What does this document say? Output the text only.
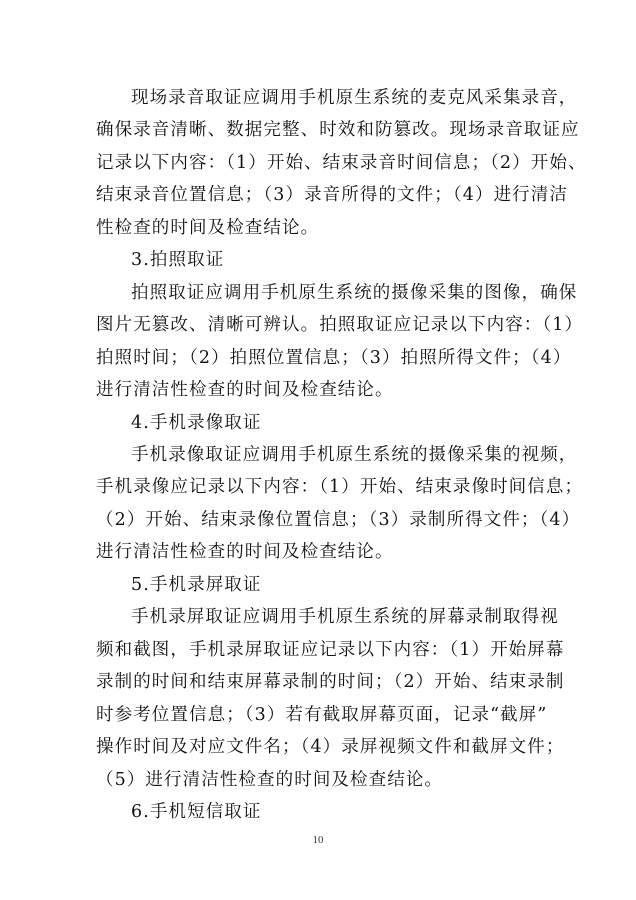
现场录音取证应调用手机原生系统的麦克风采集录音，
确保录音清晰、数据完整、时效和防篡改。现场录音取证应
记录以下内容：（1）开始、结束录音时间信息；（2）开始、
结束录音位置信息；（3）录音所得的文件；（4）进行清洁
性检查的时间及检查结论。
3.拍照取证
拍照取证应调用手机原生系统的摄像采集的图像，确保
图片无篡改、清晰可辨认。拍照取证应记录以下内容：（1）
拍照时间；（2）拍照位置信息；（3）拍照所得文件；（4）
进行清洁性检查的时间及检查结论。
4.手机录像取证
手机录像取证应调用手机原生系统的摄像采集的视频，
手机录像应记录以下内容：（1）开始、结束录像时间信息；
（2）开始、结束录像位置信息；（3）录制所得文件；（4）
进行清洁性检查的时间及检查结论。
5.手机录屏取证
手机录屏取证应调用手机原生系统的屏幕录制取得视
频和截图，手机录屏取证应记录以下内容：（1）开始屏幕
录制的时间和结束屏幕录制的时间；（2）开始、结束录制
时参考位置信息；（3）若有截取屏幕页面，记录“截屏”
操作时间及对应文件名；（4）录屏视频文件和截屏文件；
10
（5）进行清洁性检查的时间及检查结论。
6.手机短信取证
